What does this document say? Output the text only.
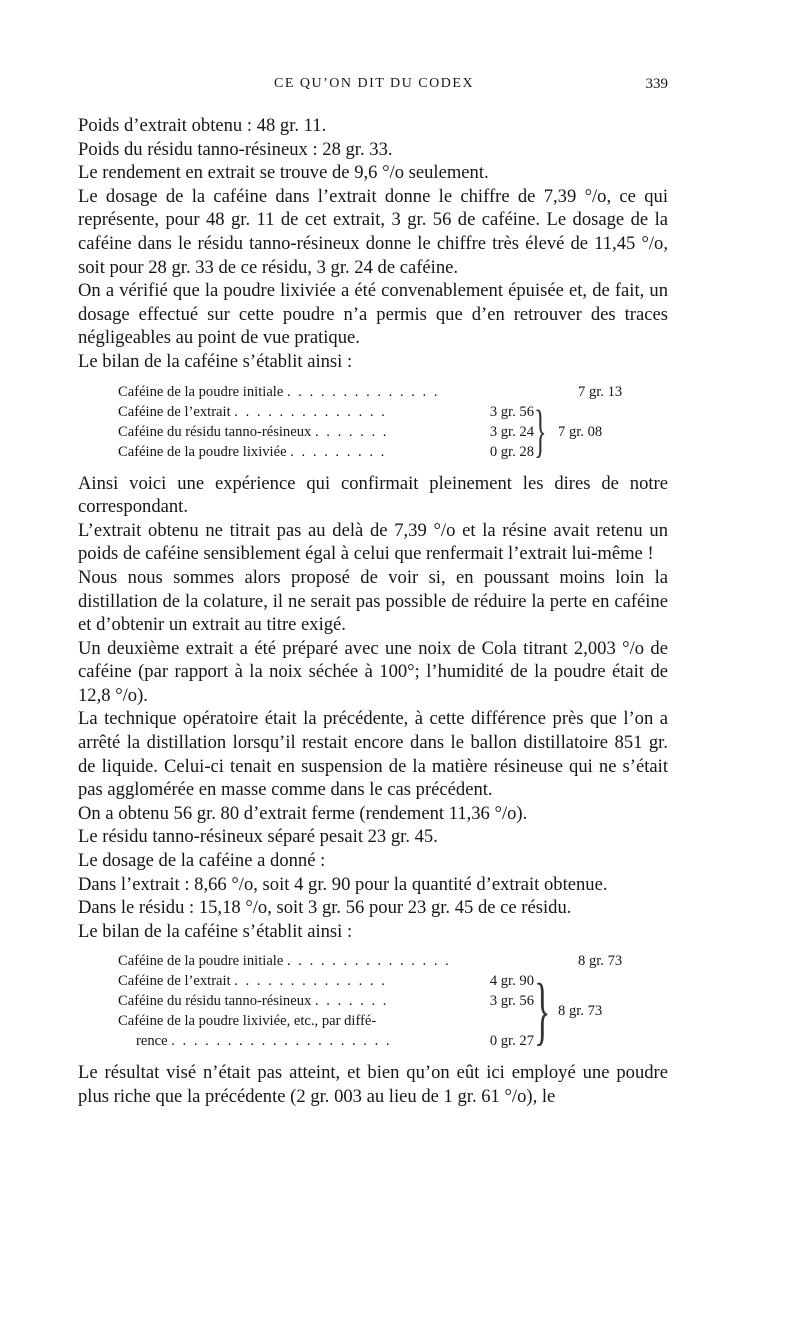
CE QU’ON DIT DU CODEX	339

Poids d’extrait obtenu : 48 gr. 11.

Poids du résidu tanno-résineux : 28 gr. 33.

Le rendement en extrait se trouve de 9,6 °/o seulement.

Le dosage de la caféine dans l’extrait donne le chiffre de 7,39 °/o, ce qui représente, pour 48 gr. 11 de cet extrait, 3 gr. 56 de caféine. Le dosage de la caféine dans le résidu tanno-résineux donne le chiffre très élevé de 11,45 °/o, soit pour 28 gr. 33 de ce résidu, 3 gr. 24 de caféine.

On a vérifié que la poudre lixiviée a été convenablement épuisée et, de fait, un dosage effectué sur cette poudre n’a permis que d’en retrouver des traces négligeables au point de vue pratique.

Le bilan de la caféine s’établit ainsi :

Caféine de la poudre initiale . . . . . . . . . . . . . .	7 gr. 13
Caféine de l’extrait . . . . . . . . . . . . . .	3 gr. 56
Caféine du résidu tanno-résineux . . . . . . .	3 gr. 24 7 gr. 08
Caféine de la poudre lixiviée . . . . . . . . .	0 gr. 28 }

Ainsi voici une expérience qui confirmait pleinement les dires de notre correspondant.

L’extrait obtenu ne titrait pas au delà de 7,39 °/o et la résine avait retenu un poids de caféine sensiblement égal à celui que renfermait l’extrait lui-même !

Nous nous sommes alors proposé de voir si, en poussant moins loin la distillation de la colature, il ne serait pas possible de réduire la perte en caféine et d’obtenir un extrait au titre exigé.

Un deuxième extrait a été préparé avec une noix de Cola titrant 2,003 °/o de caféine (par rapport à la noix séchée à 100°; l’humidité de la poudre était de 12,8 °/o).

La technique opératoire était la précédente, à cette différence près que l’on a arrêté la distillation lorsqu’il restait encore dans le ballon distillatoire 851 gr. de liquide. Celui-ci tenait en suspension de la matière résineuse qui ne s’était pas agglomérée en masse comme dans le cas précédent.

On a obtenu 56 gr. 80 d’extrait ferme (rendement 11,36 °/o).

Le résidu tanno-résineux séparé pesait 23 gr. 45.

Le dosage de la caféine a donné :

Dans l’extrait : 8,66 °/o, soit 4 gr. 90 pour la quantité d’extrait obtenue.

Dans le résidu : 15,18 °/o, soit 3 gr. 56 pour 23 gr. 45 de ce résidu.

Le bilan de la caféine s’établit ainsi :

Caféine de la poudre initiale . . . . . . . . . . . . . . .	8 gr. 73
Caféine de l’extrait . . . . . . . . . . . . . .	4 gr. 90
Caféine du résidu tanno-résineux . . . . . . .	3 gr. 56
8 gr. 73
Caféine de la poudre lixiviée, etc., par diffé-
rence . . . . . . . . . . . . . . . . . . . .	0 gr. 27 }

Le résultat visé n’était pas atteint, et bien qu’on eût ici employé une poudre plus riche que la précédente (2 gr. 003 au lieu de 1 gr. 61 °/o), le
